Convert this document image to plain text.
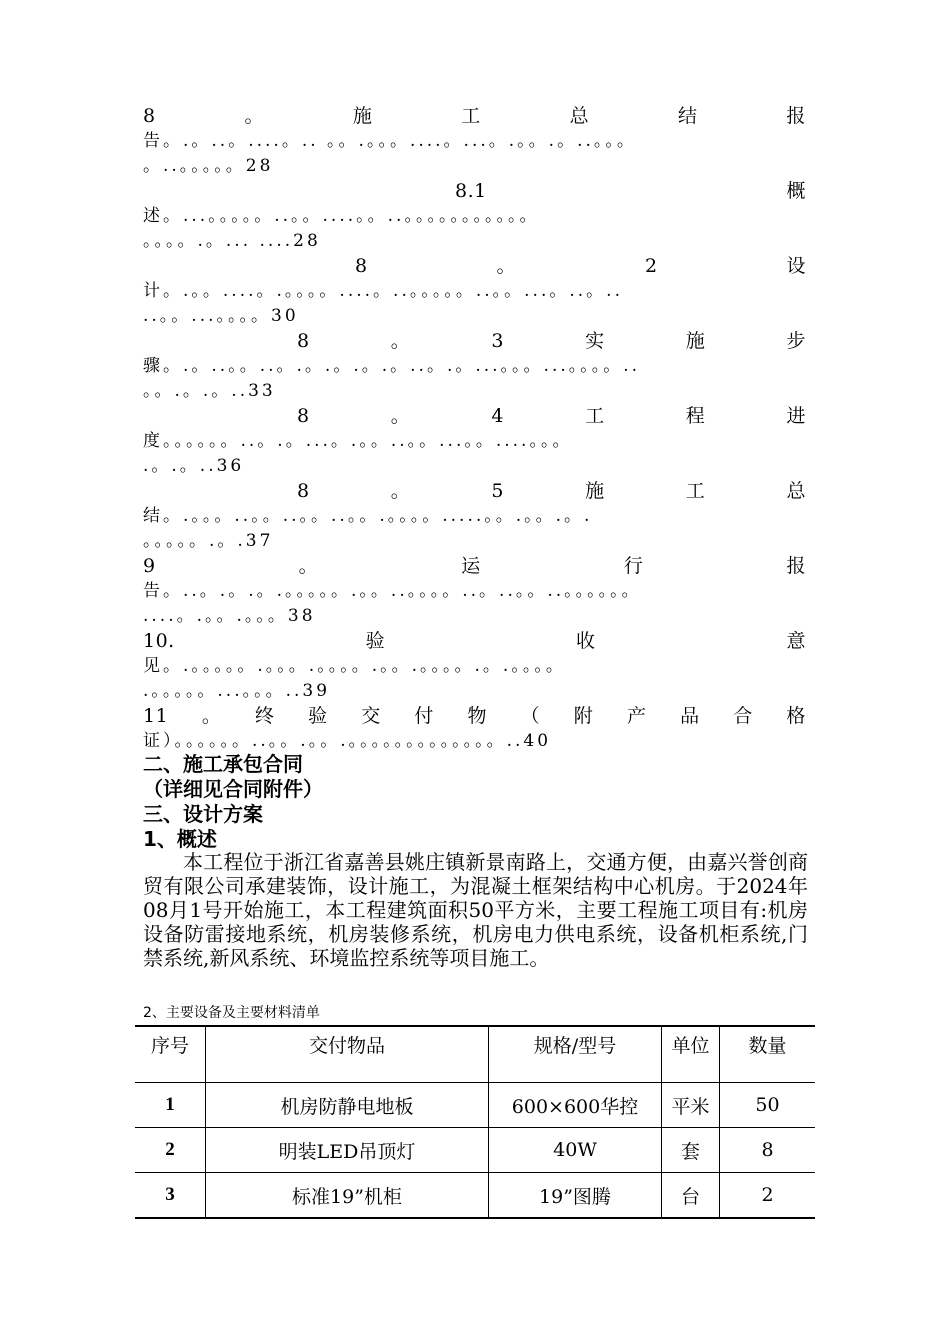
8	。	施	工	总	结	报
告。.。..。....。.. 。。.。。。....。...。.。。.。..。。。
。..。。。。。28
8.1	概
述。...。。。。。..。。....。。..。。。。。。。。。。。
。。。。.。... ....28
8	。	2	设
计。.。。....。.。。。。....。..。。。。。..。。...。..。..
..。。...。。。。30
8	。	3	实	施	步
骤。.。..。。..。.。.。.。.。..。.。...。。。...。。。。..
。。.。.。..33
8	。	4	工	程	进
度。。。。。。..。.。...。.。。..。。...。。....。。。
.。.。..36
8	。	5	施	工	总
结。.。。。..。。..。。..。。.。。。。.....。。.。。.。.
。。。。。.。.37
9	。	运	行	报
告。..。.。.。.。。。。。.。。..。。。。..。..。。..。。。。。。
....。.。。.。。。38
10.	验	收	意
见。.。。。。。.。。。.。。。。.。。.。。。。.。.。。。。
.。。。。。...。。。..39
11 。 终 验 交 付 物 （ 附 产 品 合 格
证）。。。。。。..。。.。。.。。。。。。。。。。。。。..40
二、施工承包合同
（详细见合同附件）
三、设计方案
1、概述

本工程位于浙江省嘉善县姚庄镇新景南路上，交通方便，由嘉兴誉创商贸有限公司承建装饰，设计施工，为混凝土框架结构中心机房。于2024年08月1号开始施工，本工程建筑面积50平方米，主要工程施工项目有:机房设备防雷接地系统，机房装修系统，机房电力供电系统，设备机柜系统,门禁系统,新风系统、环境监控系统等项目施工。

2、主要设备及主要材料清单
序号	交付物品	规格/型号	单位	数量
1	机房防静电地板	600×600华控	平米	50
2	明装LED吊顶灯	40W	套	8
3	标准19”机柜	19”图腾	台	2
